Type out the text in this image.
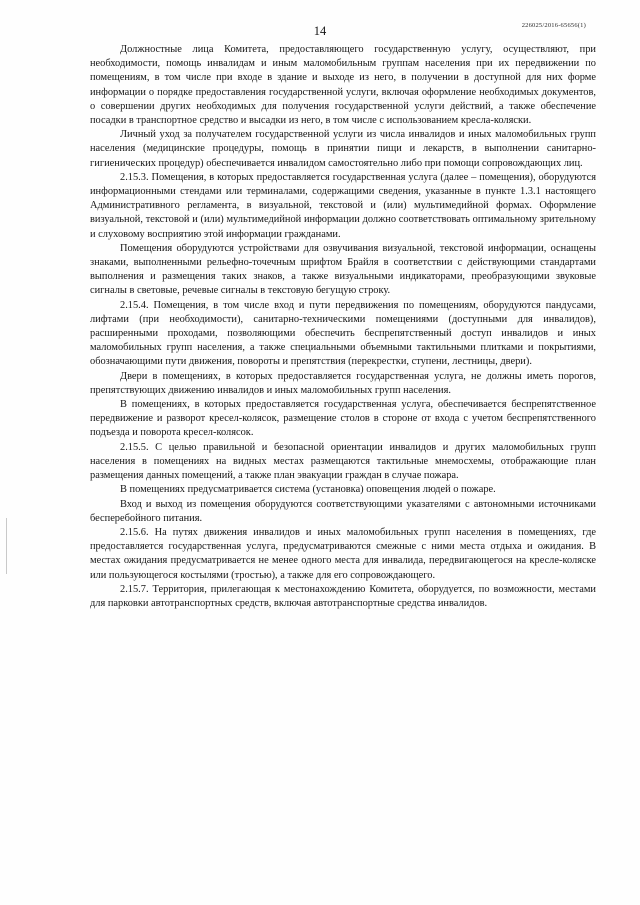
14	226025/2016-65656(1)

Должностные лица Комитета, предоставляющего государственную услугу, осуществляют, при необходимости, помощь инвалидам и иным маломобильным группам населения при их передвижении по помещениям, в том числе при входе в здание и выходе из него, в получении в доступной для них форме информации о порядке предоставления государственной услуги, включая оформление необходимых документов, о совершении других необходимых для получения государственной услуги действий, а также обеспечение посадки в транспортное средство и высадки из него, в том числе с использованием кресла-коляски.

Личный уход за получателем государственной услуги из числа инвалидов и иных маломобильных групп населения (медицинские процедуры, помощь в принятии пищи и лекарств, в выполнении санитарно-гигиенических процедур) обеспечивается инвалидом самостоятельно либо при помощи сопровождающих лиц.

2.15.3. Помещения, в которых предоставляется государственная услуга (далее – помещения), оборудуются информационными стендами или терминалами, содержащими сведения, указанные в пункте 1.3.1 настоящего Административного регламента, в визуальной, текстовой и (или) мультимедийной формах. Оформление визуальной, текстовой и (или) мультимедийной информации должно соответствовать оптимальному зрительному и слуховому восприятию этой информации гражданами.

Помещения оборудуются устройствами для озвучивания визуальной, текстовой информации, оснащены знаками, выполненными рельефно-точечным шрифтом Брайля в соответствии с действующими стандартами выполнения и размещения таких знаков, а также визуальными индикаторами, преобразующими звуковые сигналы в световые, речевые сигналы в текстовую бегущую строку.

2.15.4. Помещения, в том числе вход и пути передвижения по помещениям, оборудуются пандусами, лифтами (при необходимости), санитарно-техническими помещениями (доступными для инвалидов), расширенными проходами, позволяющими обеспечить беспрепятственный доступ инвалидов и иных маломобильных групп населения, а также специальными объемными тактильными плитками и покрытиями, обозначающими пути движения, повороты и препятствия (перекрестки, ступени, лестницы, двери).

Двери в помещениях, в которых предоставляется государственная услуга, не должны иметь порогов, препятствующих движению инвалидов и иных маломобильных групп населения.

В помещениях, в которых предоставляется государственная услуга, обеспечивается беспрепятственное передвижение и разворот кресел-колясок, размещение столов в стороне от входа с учетом беспрепятственного подъезда и поворота кресел-колясок.

2.15.5. С целью правильной и безопасной ориентации инвалидов и других маломобильных групп населения в помещениях на видных местах размещаются тактильные мнемосхемы, отображающие план размещения данных помещений, а также план эвакуации граждан в случае пожара.

В помещениях предусматривается система (установка) оповещения людей о пожаре.

Вход и выход из помещения оборудуются соответствующими указателями с автономными источниками бесперебойного питания.

2.15.6. На путях движения инвалидов и иных маломобильных групп населения в помещениях, где предоставляется государственная услуга, предусматриваются смежные с ними места отдыха и ожидания. В местах ожидания предусматривается не менее одного места для инвалида, передвигающегося на кресле-коляске или пользующегося костылями (тростью), а также для его сопровождающего.

2.15.7. Территория, прилегающая к местонахождению Комитета, оборудуется, по возможности, местами для парковки автотранспортных средств, включая автотранспортные средства инвалидов.
